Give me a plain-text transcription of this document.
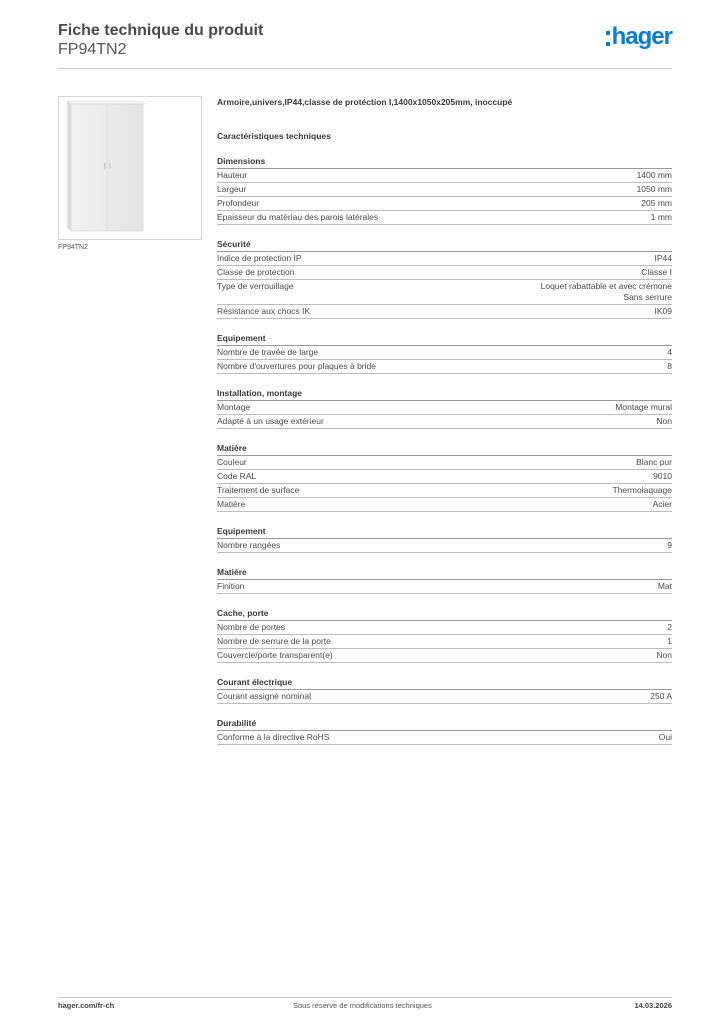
Fiche technique du produit
FP94TN2	hager
FP94TN2
Armoire,univers,IP44,classe de protéction I,1400x1050x205mm, inoccupé
Caractéristiques techniques
Dimensions
Hauteur	1400 mm
Largeur	1050 mm
Profondeur	205 mm
Epaisseur du matériau des parois latérales	1 mm
Sécurité
Indice de protection IP	IP44
Classe de protection	Classe I
Type de verrouillage	Loquet rabattable et avec crémone
Sans serrure
Résistance aux chocs IK	IK09
Equipement
Nombre de travée de large	4
Nombre d'ouvertures pour plaques à bride	8
Installation, montage
Montage	Montage mural
Adapté à un usage extérieur	Non
Matière
Couleur	Blanc pur
Code RAL	9010
Traitement de surface	Thermolaquage
Matière	Acier
Equipement
Nombre rangées	9
Matière
Finition	Mat
Cache, porte
Nombre de portes	2
Nombre de serrure de la porte	1
Couvercle/porte transparent(e)	Non
Courant électrique
Courant assigné nominal	250 A
Durabilité
Conforme à la directive RoHS	Oui
hager.com/fr-ch	Sous réserve de modifications techniques	14.03.2026
